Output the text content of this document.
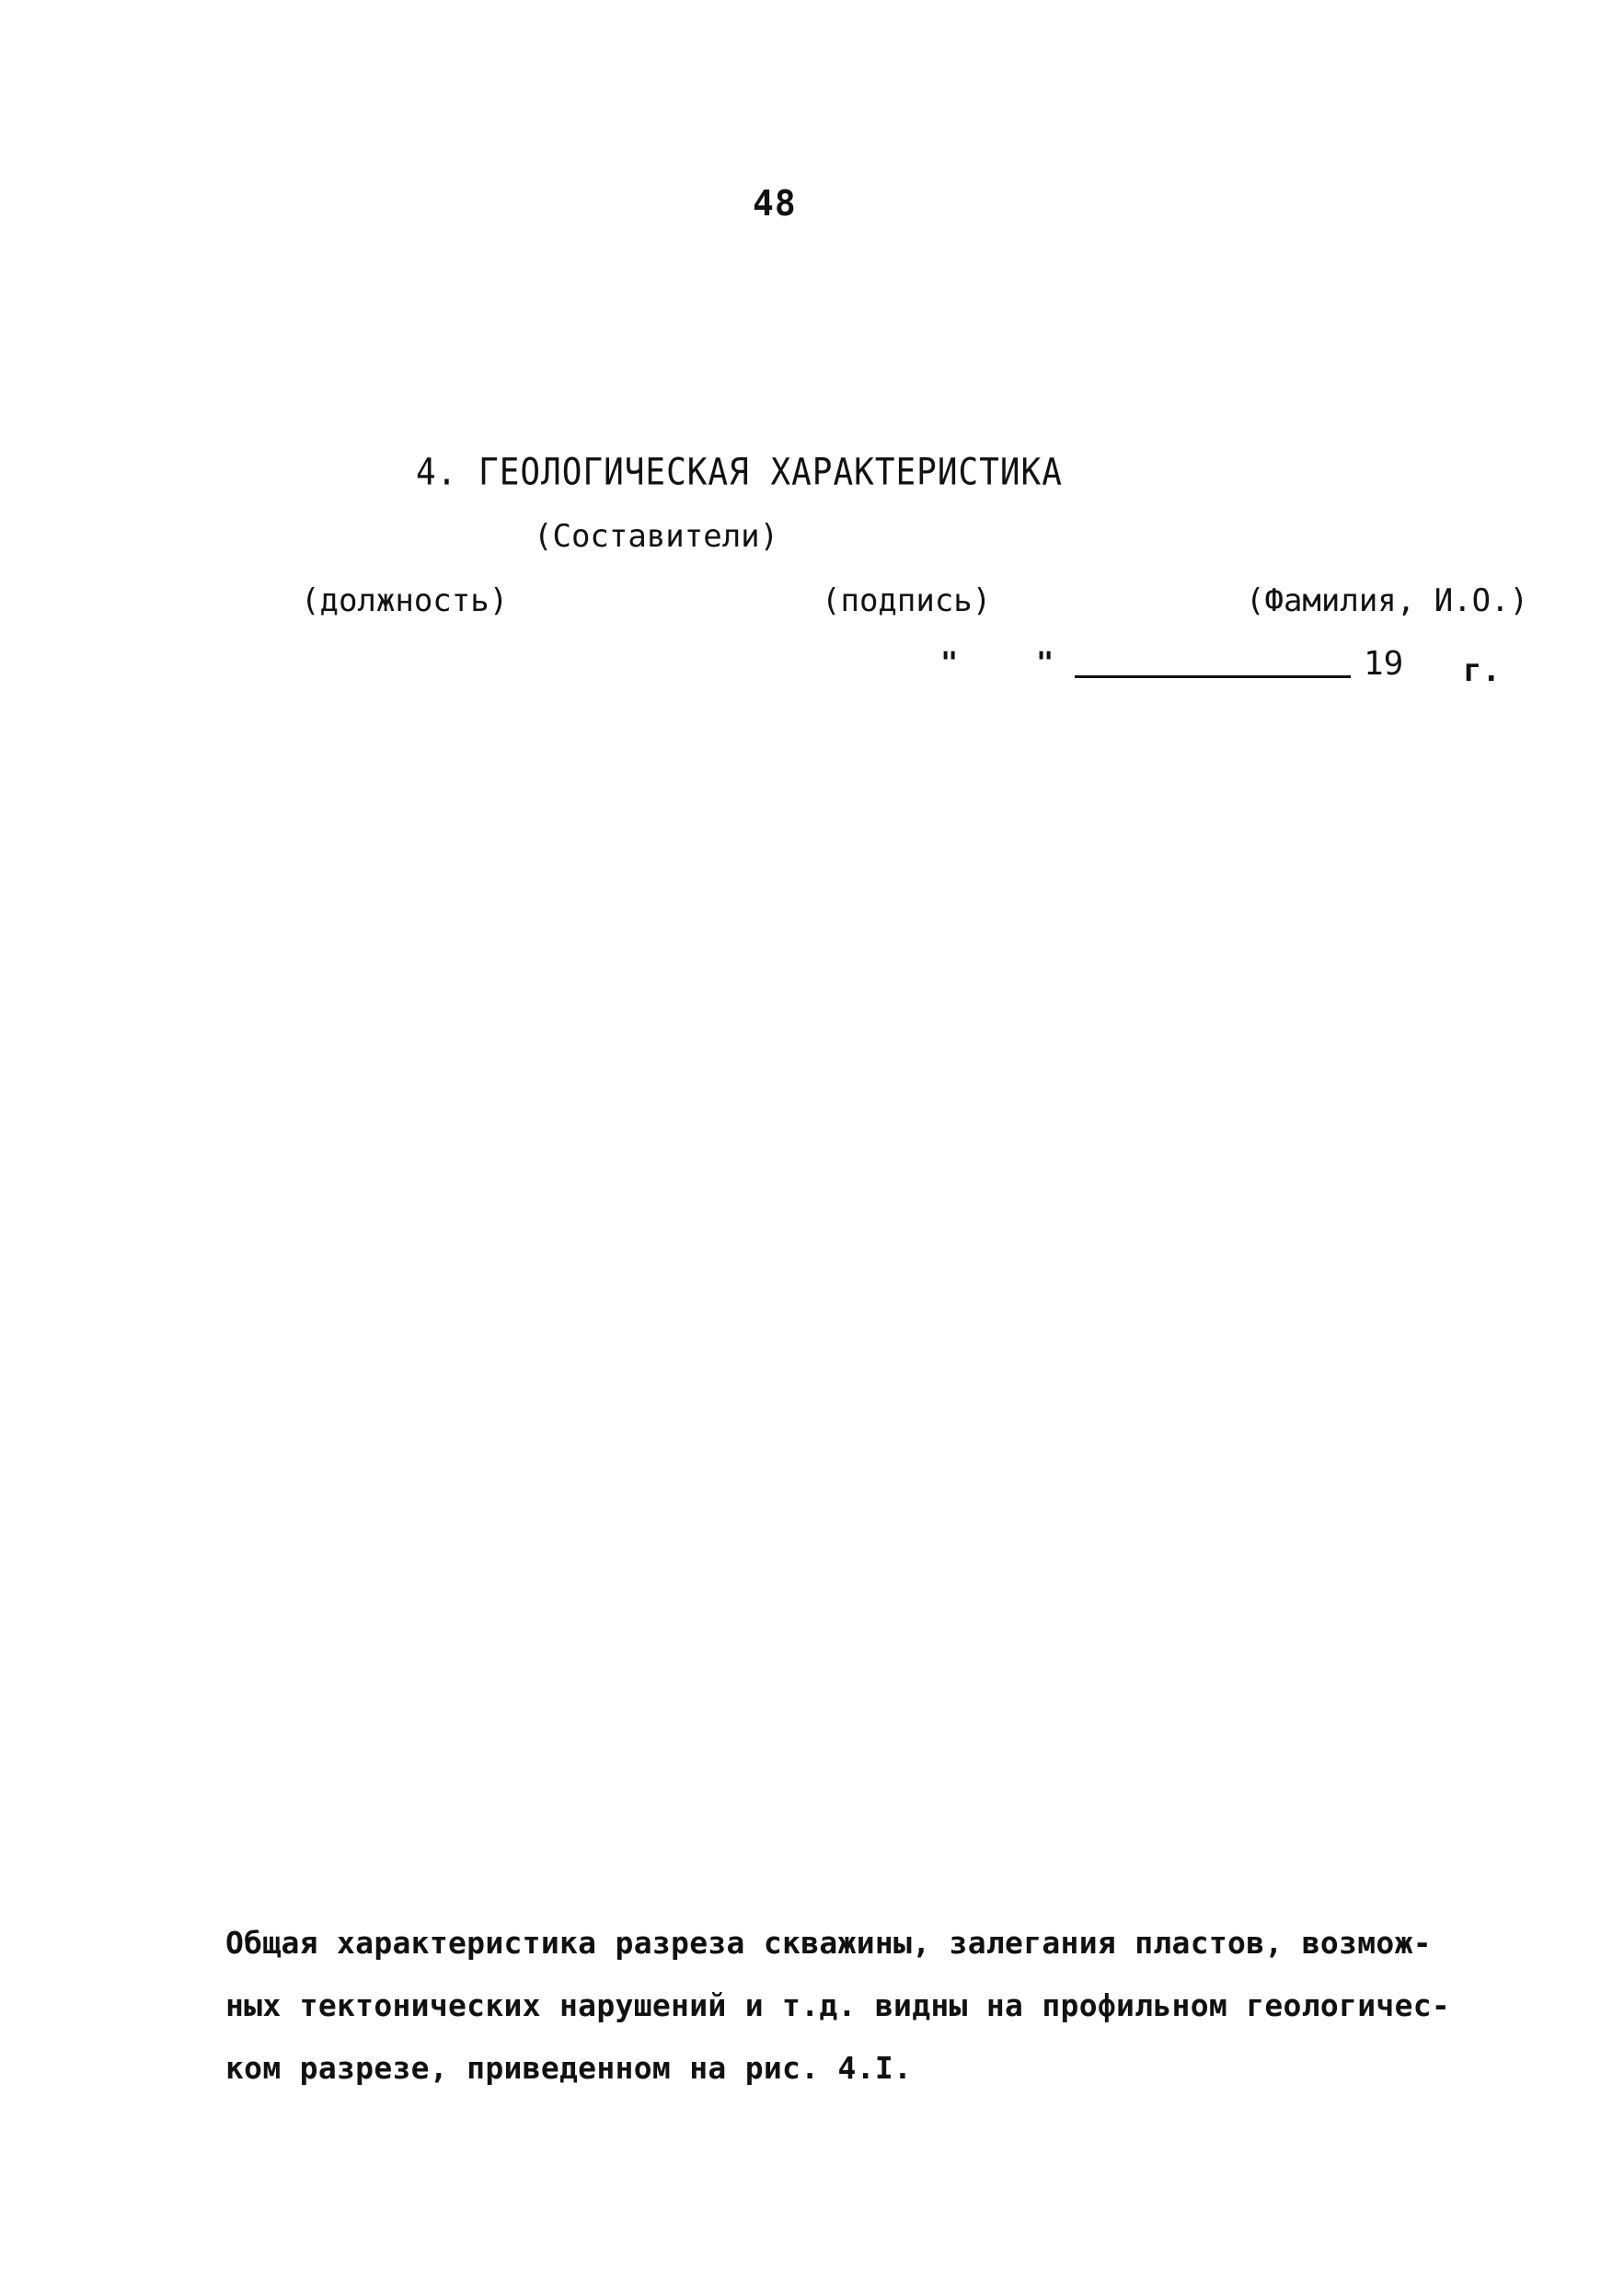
48
4. ГЕОЛОГИЧЕСКАЯ ХАРАКТЕРИСТИКА
(Составители)
(должность)	(подпись)	(Фамилия, И.О.)
"	"	19 г.
Общая характеристика разреза скважины, залегания пластов, возмож-
ных тектонических нарушений и т.д. видны на профильном геологичес-
ком разрезе, приведенном на рис. 4.I.
